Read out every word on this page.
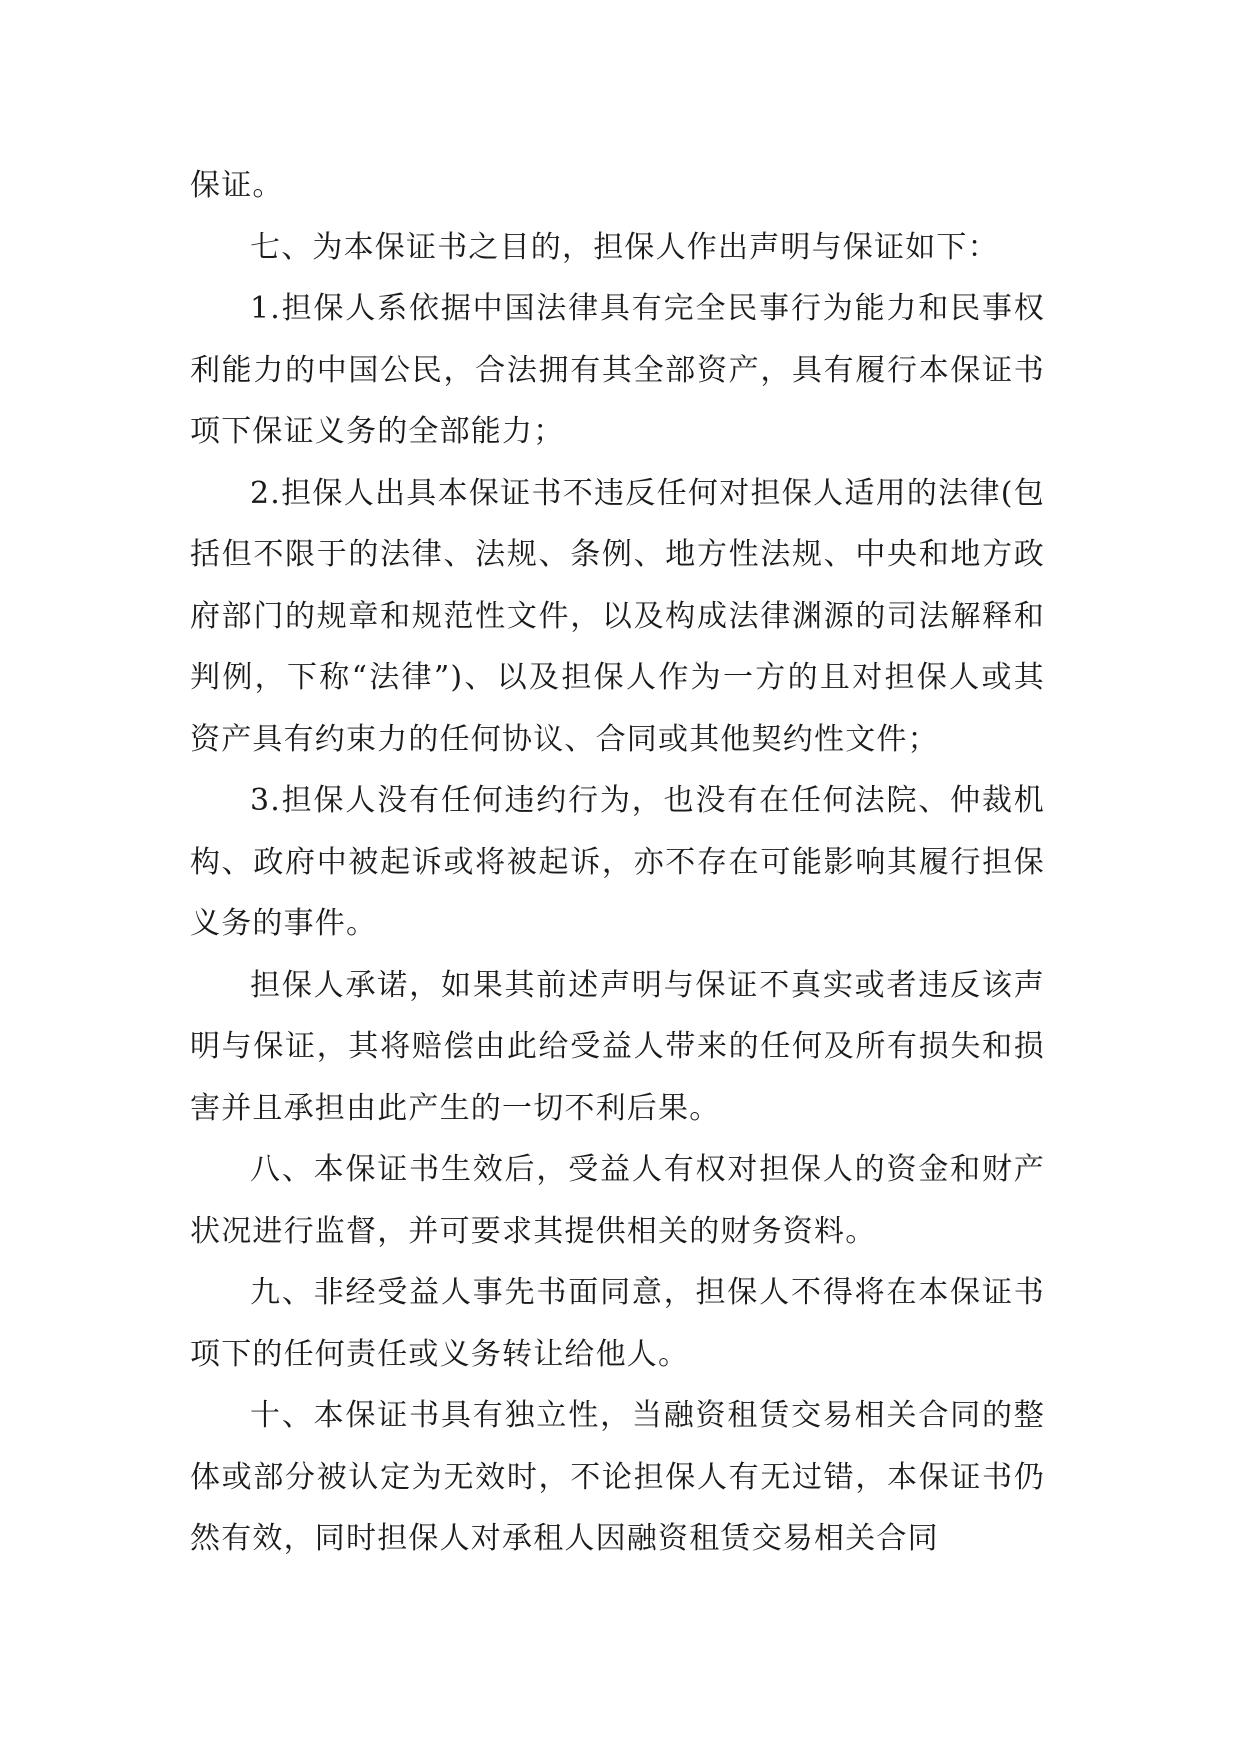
保证。

七、为本保证书之目的，担保人作出声明与保证如下：

1.担保人系依据中国法律具有完全民事行为能力和民事权利能力的中国公民，合法拥有其全部资产，具有履行本保证书项下保证义务的全部能力；

2.担保人出具本保证书不违反任何对担保人适用的法律(包括但不限于的法律、法规、条例、地方性法规、中央和地方政府部门的规章和规范性文件，以及构成法律渊源的司法解释和判例，下称“法律”)、以及担保人作为一方的且对担保人或其资产具有约束力的任何协议、合同或其他契约性文件；

3.担保人没有任何违约行为，也没有在任何法院、仲裁机构、政府中被起诉或将被起诉，亦不存在可能影响其履行担保义务的事件。

担保人承诺，如果其前述声明与保证不真实或者违反该声明与保证，其将赔偿由此给受益人带来的任何及所有损失和损害并且承担由此产生的一切不利后果。

八、本保证书生效后，受益人有权对担保人的资金和财产状况进行监督，并可要求其提供相关的财务资料。

九、非经受益人事先书面同意，担保人不得将在本保证书项下的任何责任或义务转让给他人。

十、本保证书具有独立性，当融资租赁交易相关合同的整体或部分被认定为无效时，不论担保人有无过错，本保证书仍然有效，同时担保人对承租人因融资租赁交易相关合同
